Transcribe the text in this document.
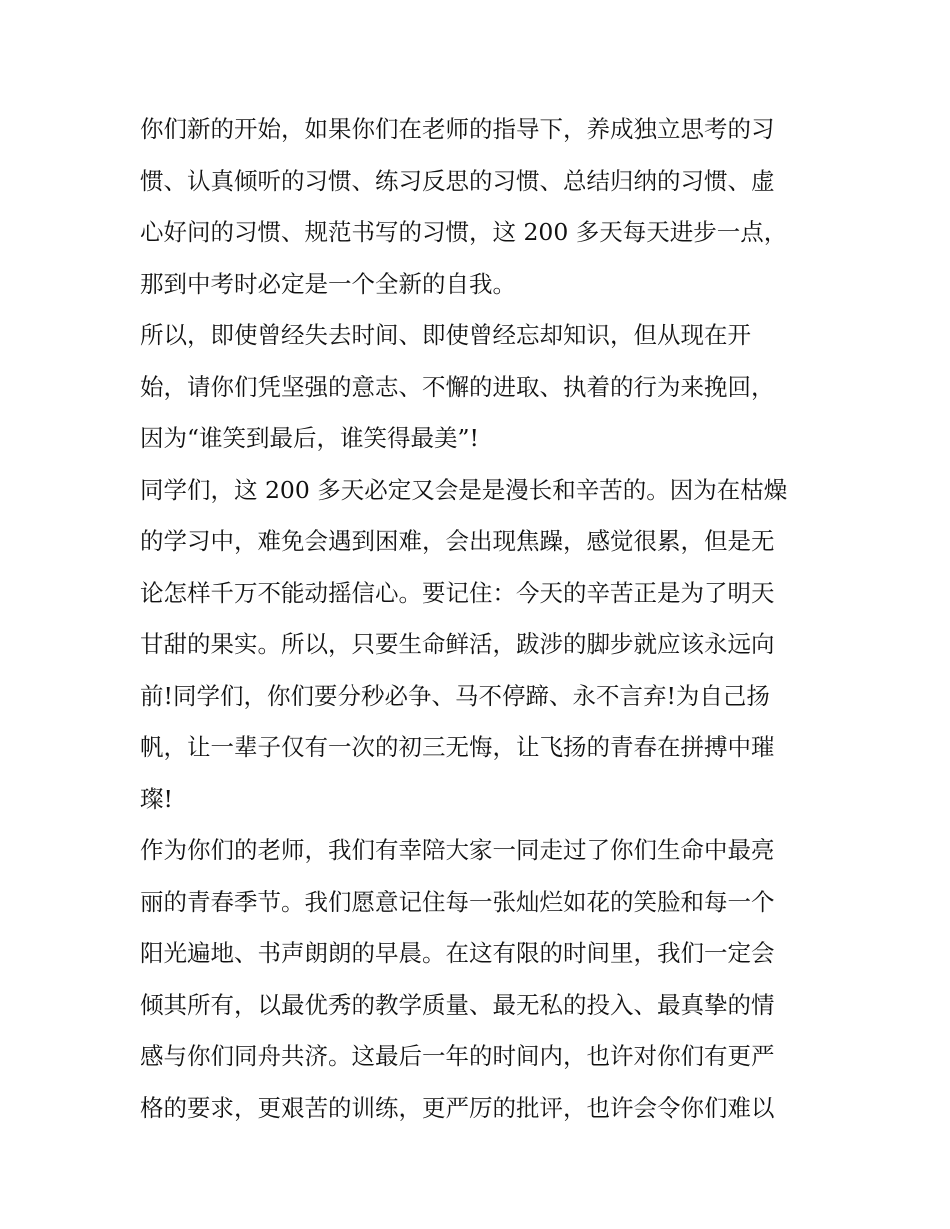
你们新的开始，如果你们在老师的指导下，养成独立思考的习
惯、认真倾听的习惯、练习反思的习惯、总结归纳的习惯、虚
心好问的习惯、规范书写的习惯，这 200 多天每天进步一点，
那到中考时必定是一个全新的自我。
所以，即使曾经失去时间、即使曾经忘却知识，但从现在开
始，请你们凭坚强的意志、不懈的进取、执着的行为来挽回，
因为“谁笑到最后，谁笑得最美”!
同学们，这 200 多天必定又会是是漫长和辛苦的。因为在枯燥
的学习中，难免会遇到困难，会出现焦躁，感觉很累，但是无
论怎样千万不能动摇信心。要记住：今天的辛苦正是为了明天
甘甜的果实。所以，只要生命鲜活，跋涉的脚步就应该永远向
前!同学们，你们要分秒必争、马不停蹄、永不言弃!为自己扬
帆，让一辈子仅有一次的初三无悔，让飞扬的青春在拼搏中璀
璨!
作为你们的老师，我们有幸陪大家一同走过了你们生命中最亮
丽的青春季节。我们愿意记住每一张灿烂如花的笑脸和每一个
阳光遍地、书声朗朗的早晨。在这有限的时间里，我们一定会
倾其所有，以最优秀的教学质量、最无私的投入、最真挚的情
感与你们同舟共济。这最后一年的时间内，也许对你们有更严
格的要求，更艰苦的训练，更严厉的批评，也许会令你们难以
